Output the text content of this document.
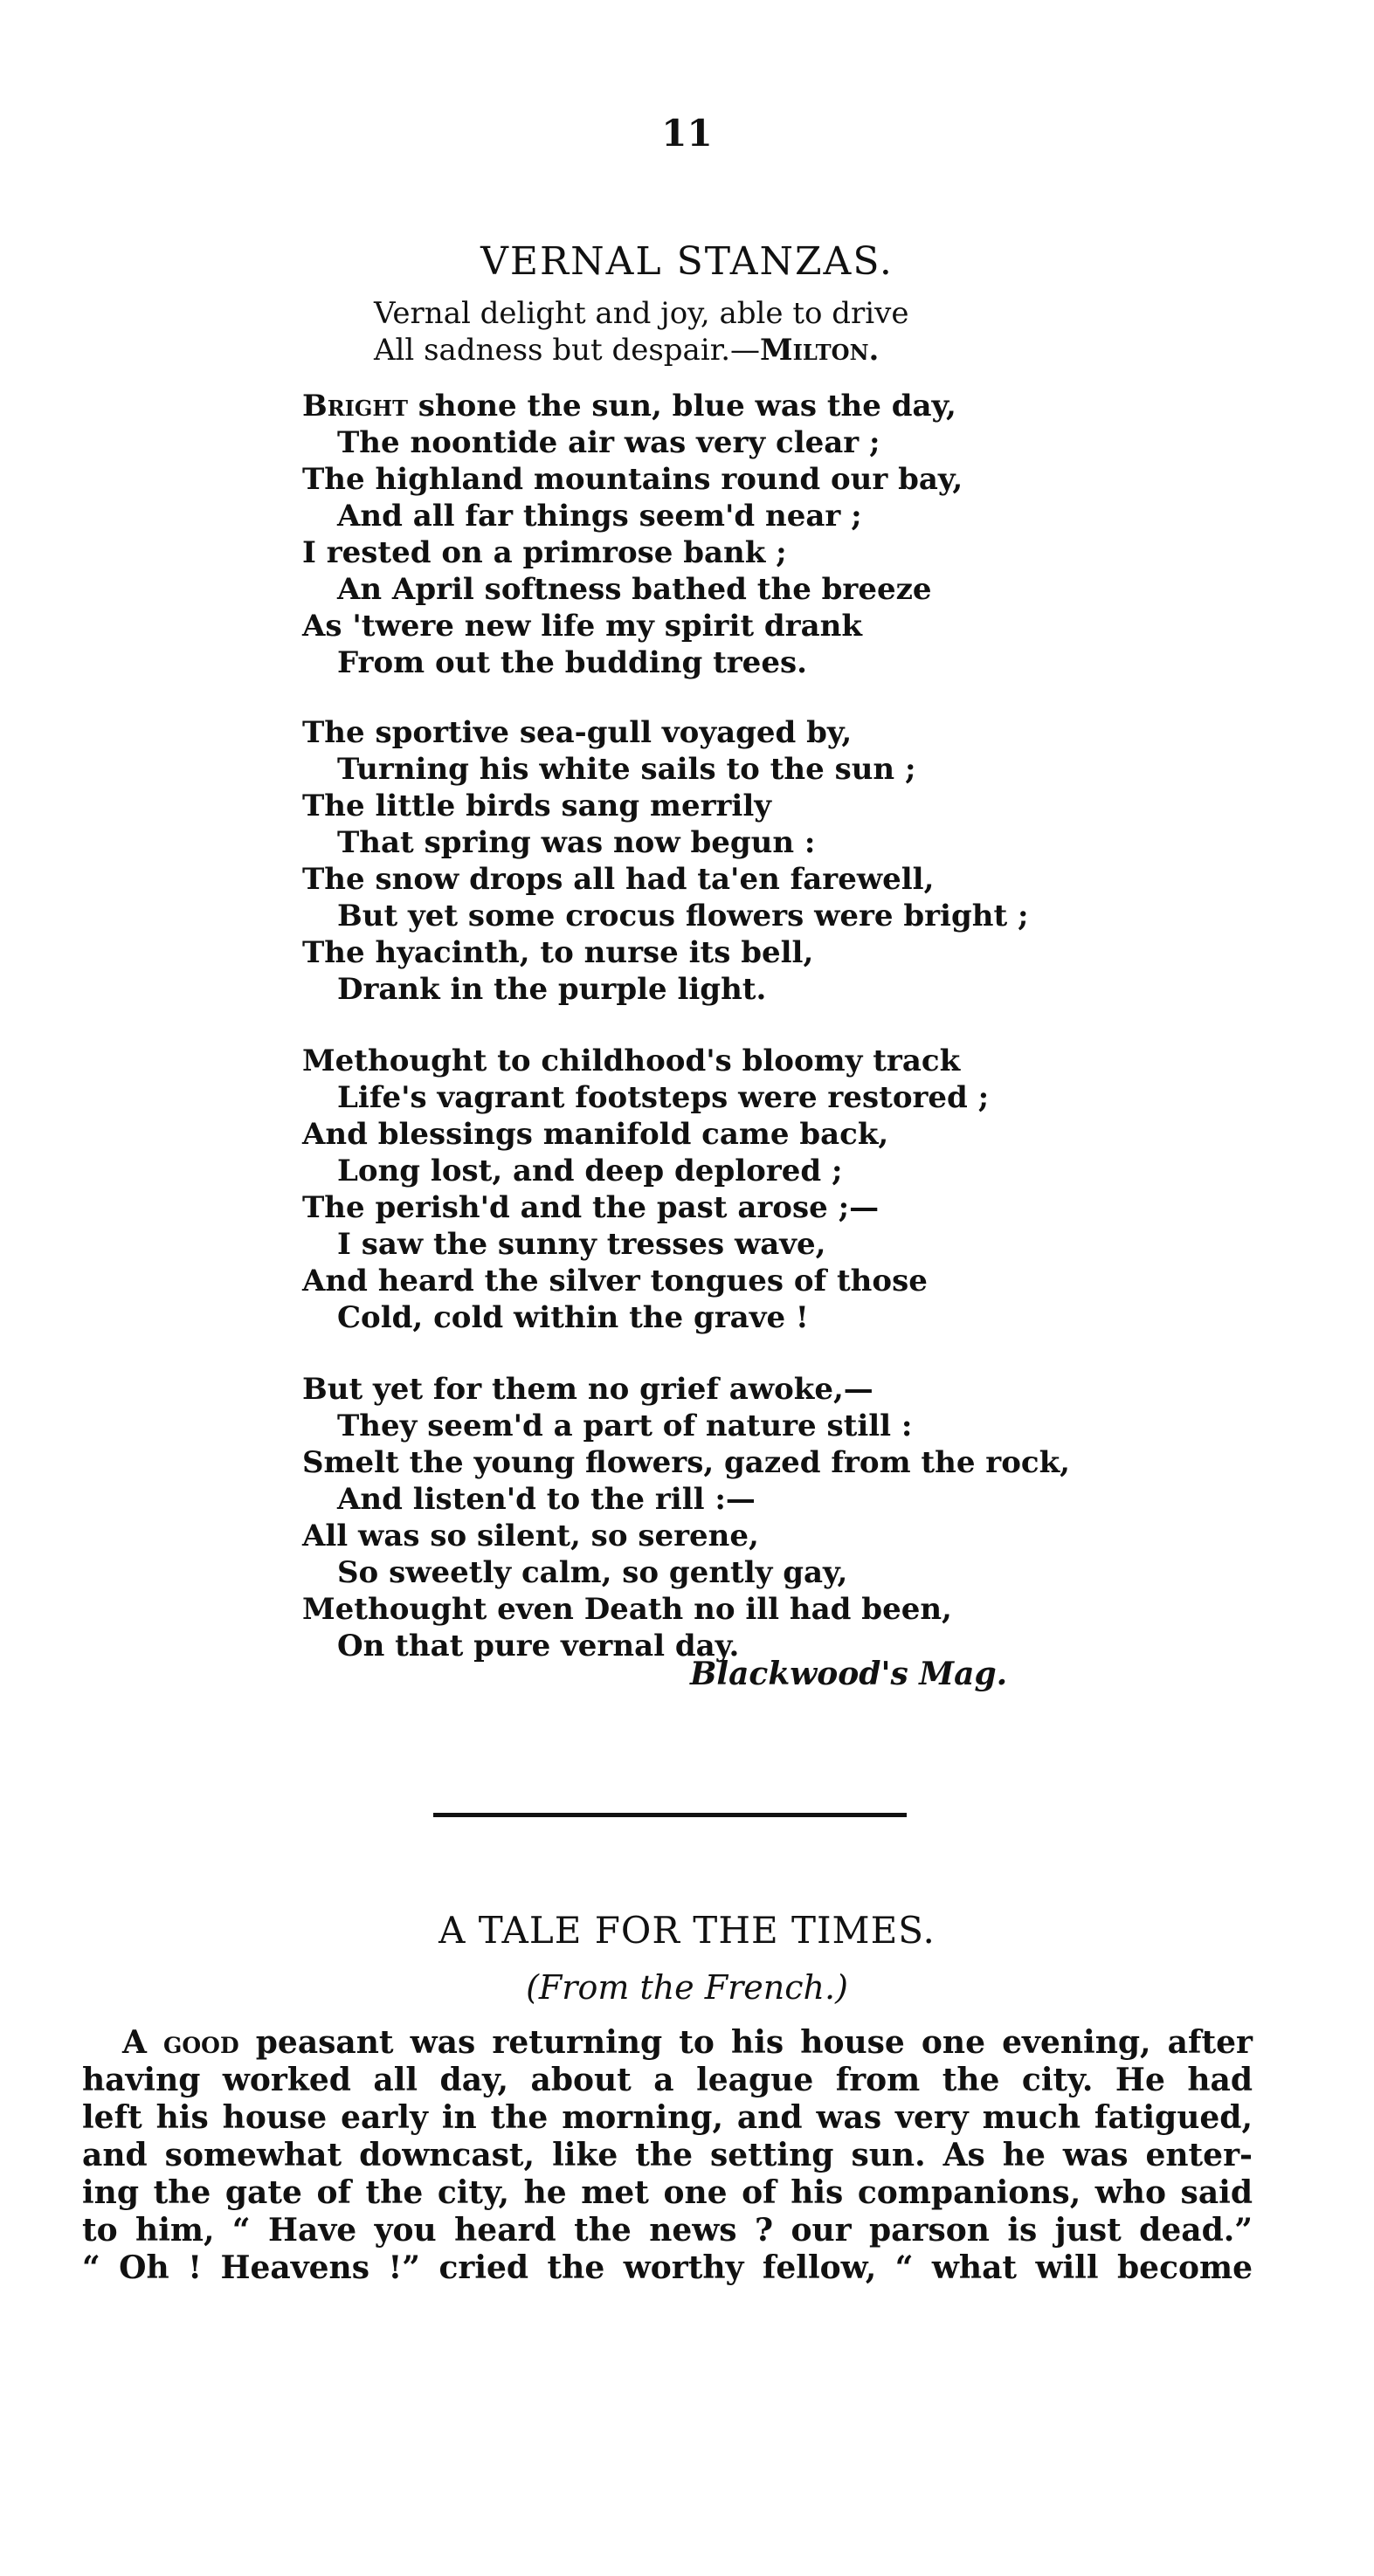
11
VERNAL STANZAS.
Vernal delight and joy, able to drive
All sadness but despair.—Milton.
Bright shone the sun, blue was the day,
The noontide air was very clear ;
The highland mountains round our bay,
And all far things seem'd near ;
I rested on a primrose bank ;
An April softness bathed the breeze
As 'twere new life my spirit drank
From out the budding trees.
The sportive sea-gull voyaged by,
Turning his white sails to the sun ;
The little birds sang merrily
That spring was now begun :
The snow drops all had ta'en farewell,
But yet some crocus flowers were bright ;
The hyacinth, to nurse its bell,
Drank in the purple light.
Methought to childhood's bloomy track
Life's vagrant footsteps were restored ;
And blessings manifold came back,
Long lost, and deep deplored ;
The perish'd and the past arose ;—
I saw the sunny tresses wave,
And heard the silver tongues of those
Cold, cold within the grave !
But yet for them no grief awoke,—
They seem'd a part of nature still :
Smelt the young flowers, gazed from the rock,
And listen'd to the rill :—
All was so silent, so serene,
So sweetly calm, so gently gay,
Methought even Death no ill had been,
On that pure vernal day.
Blackwood's Mag.
A TALE FOR THE TIMES.
(From the French.)
A good peasant was returning to his house one evening, after
having worked all day, about a league from the city. He had
left his house early in the morning, and was very much fatigued,
and somewhat downcast, like the setting sun. As he was enter-
ing the gate of the city, he met one of his companions, who said
to him, “ Have you heard the news ? our parson is just dead.”
“ Oh ! Heavens !” cried the worthy fellow, “ what will become
